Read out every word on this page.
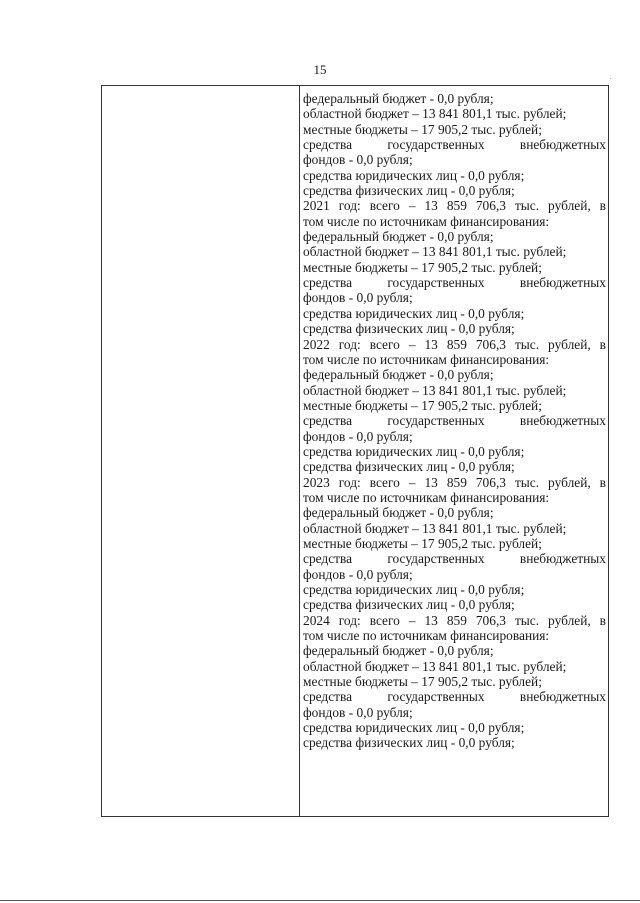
15
федеральный бюджет - 0,0 рубля;
областной бюджет – 13 841 801,1 тыс. рублей;
местные бюджеты – 17 905,2 тыс. рублей;
средства	государственных	внебюджетных
фондов - 0,0 рубля;
средства юридических лиц - 0,0 рубля;
средства физических лиц - 0,0 рубля;
2021 год: всего – 13 859 706,3 тыс. рублей, в
том числе по источникам финансирования:
федеральный бюджет - 0,0 рубля;
областной бюджет – 13 841 801,1 тыс. рублей;
местные бюджеты – 17 905,2 тыс. рублей;
средства	государственных	внебюджетных
фондов - 0,0 рубля;
средства юридических лиц - 0,0 рубля;
средства физических лиц - 0,0 рубля;
2022 год: всего – 13 859 706,3 тыс. рублей, в
том числе по источникам финансирования:
федеральный бюджет - 0,0 рубля;
областной бюджет – 13 841 801,1 тыс. рублей;
местные бюджеты – 17 905,2 тыс. рублей;
средства	государственных	внебюджетных
фондов - 0,0 рубля;
средства юридических лиц - 0,0 рубля;
средства физических лиц - 0,0 рубля;
2023 год: всего – 13 859 706,3 тыс. рублей, в
том числе по источникам финансирования:
федеральный бюджет - 0,0 рубля;
областной бюджет – 13 841 801,1 тыс. рублей;
местные бюджеты – 17 905,2 тыс. рублей;
средства	государственных	внебюджетных
фондов - 0,0 рубля;
средства юридических лиц - 0,0 рубля;
средства физических лиц - 0,0 рубля;
2024 год: всего – 13 859 706,3 тыс. рублей, в
том числе по источникам финансирования:
федеральный бюджет - 0,0 рубля;
областной бюджет – 13 841 801,1 тыс. рублей;
местные бюджеты – 17 905,2 тыс. рублей;
средства	государственных	внебюджетных
фондов - 0,0 рубля;
средства юридических лиц - 0,0 рубля;
средства физических лиц - 0,0 рубля;
